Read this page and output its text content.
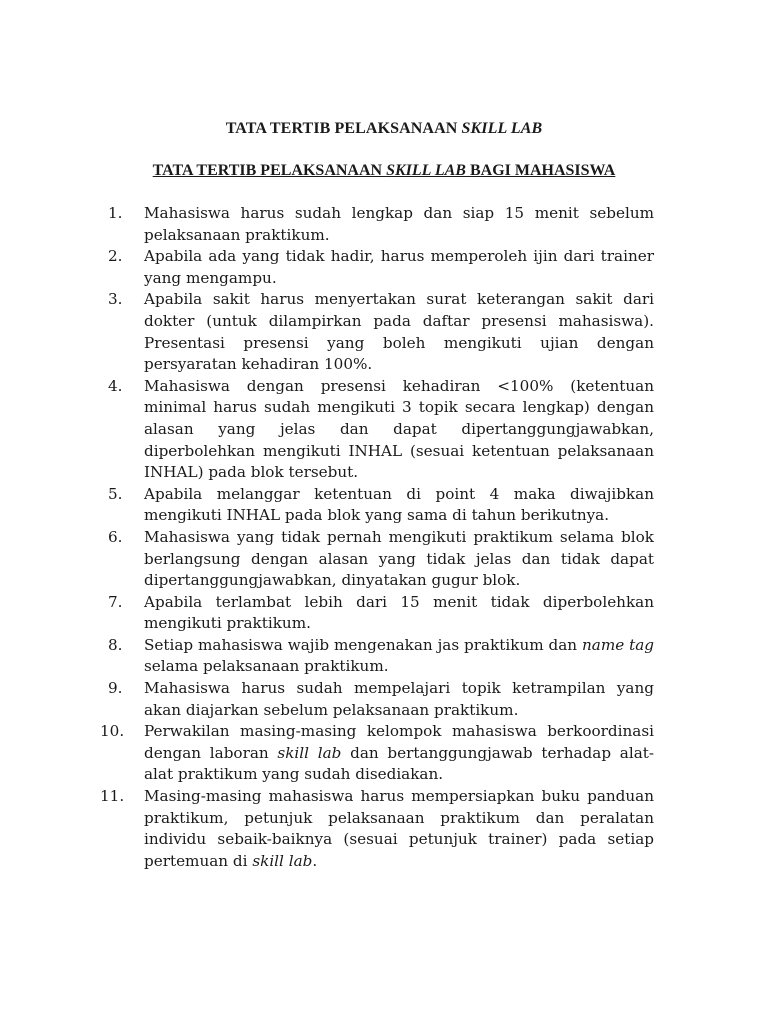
TATA TERTIB PELAKSANAAN SKILL LAB
TATA TERTIB PELAKSANAAN SKILL LAB BAGI MAHASISWA
1.	Mahasiswa harus sudah lengkap dan siap 15 menit sebelum pelaksanaan praktikum.
2.	Apabila ada yang tidak hadir, harus memperoleh ijin dari trainer yang mengampu.
3.	Apabila sakit harus menyertakan surat keterangan sakit dari dokter (untuk dilampirkan pada daftar presensi mahasiswa). Presentasi presensi yang boleh mengikuti ujian dengan persyaratan kehadiran 100%.
4.	Mahasiswa dengan presensi kehadiran <100% (ketentuan minimal harus sudah mengikuti 3 topik secara lengkap) dengan alasan yang jelas dan dapat dipertanggungjawabkan, diperbolehkan mengikuti INHAL (sesuai ketentuan pelaksanaan INHAL) pada blok tersebut.
5.	Apabila melanggar ketentuan di point 4 maka diwajibkan mengikuti INHAL pada blok yang sama di tahun berikutnya.
6.	Mahasiswa yang tidak pernah mengikuti praktikum selama blok berlangsung dengan alasan yang tidak jelas dan tidak dapat dipertanggungjawabkan, dinyatakan gugur blok.
7.	Apabila terlambat lebih dari 15 menit tidak diperbolehkan mengikuti praktikum.
8.	Setiap mahasiswa wajib mengenakan jas praktikum dan name tag selama pelaksanaan praktikum.
9.	Mahasiswa harus sudah mempelajari topik ketrampilan yang akan diajarkan sebelum pelaksanaan praktikum.
10.	Perwakilan masing-masing kelompok mahasiswa berkoordinasi dengan laboran skill lab dan bertanggungjawab terhadap alat-alat praktikum yang sudah disediakan.
11.	Masing-masing mahasiswa harus mempersiapkan buku panduan praktikum, petunjuk pelaksanaan praktikum dan peralatan individu sebaik-baiknya (sesuai petunjuk trainer) pada setiap pertemuan di skill lab.
